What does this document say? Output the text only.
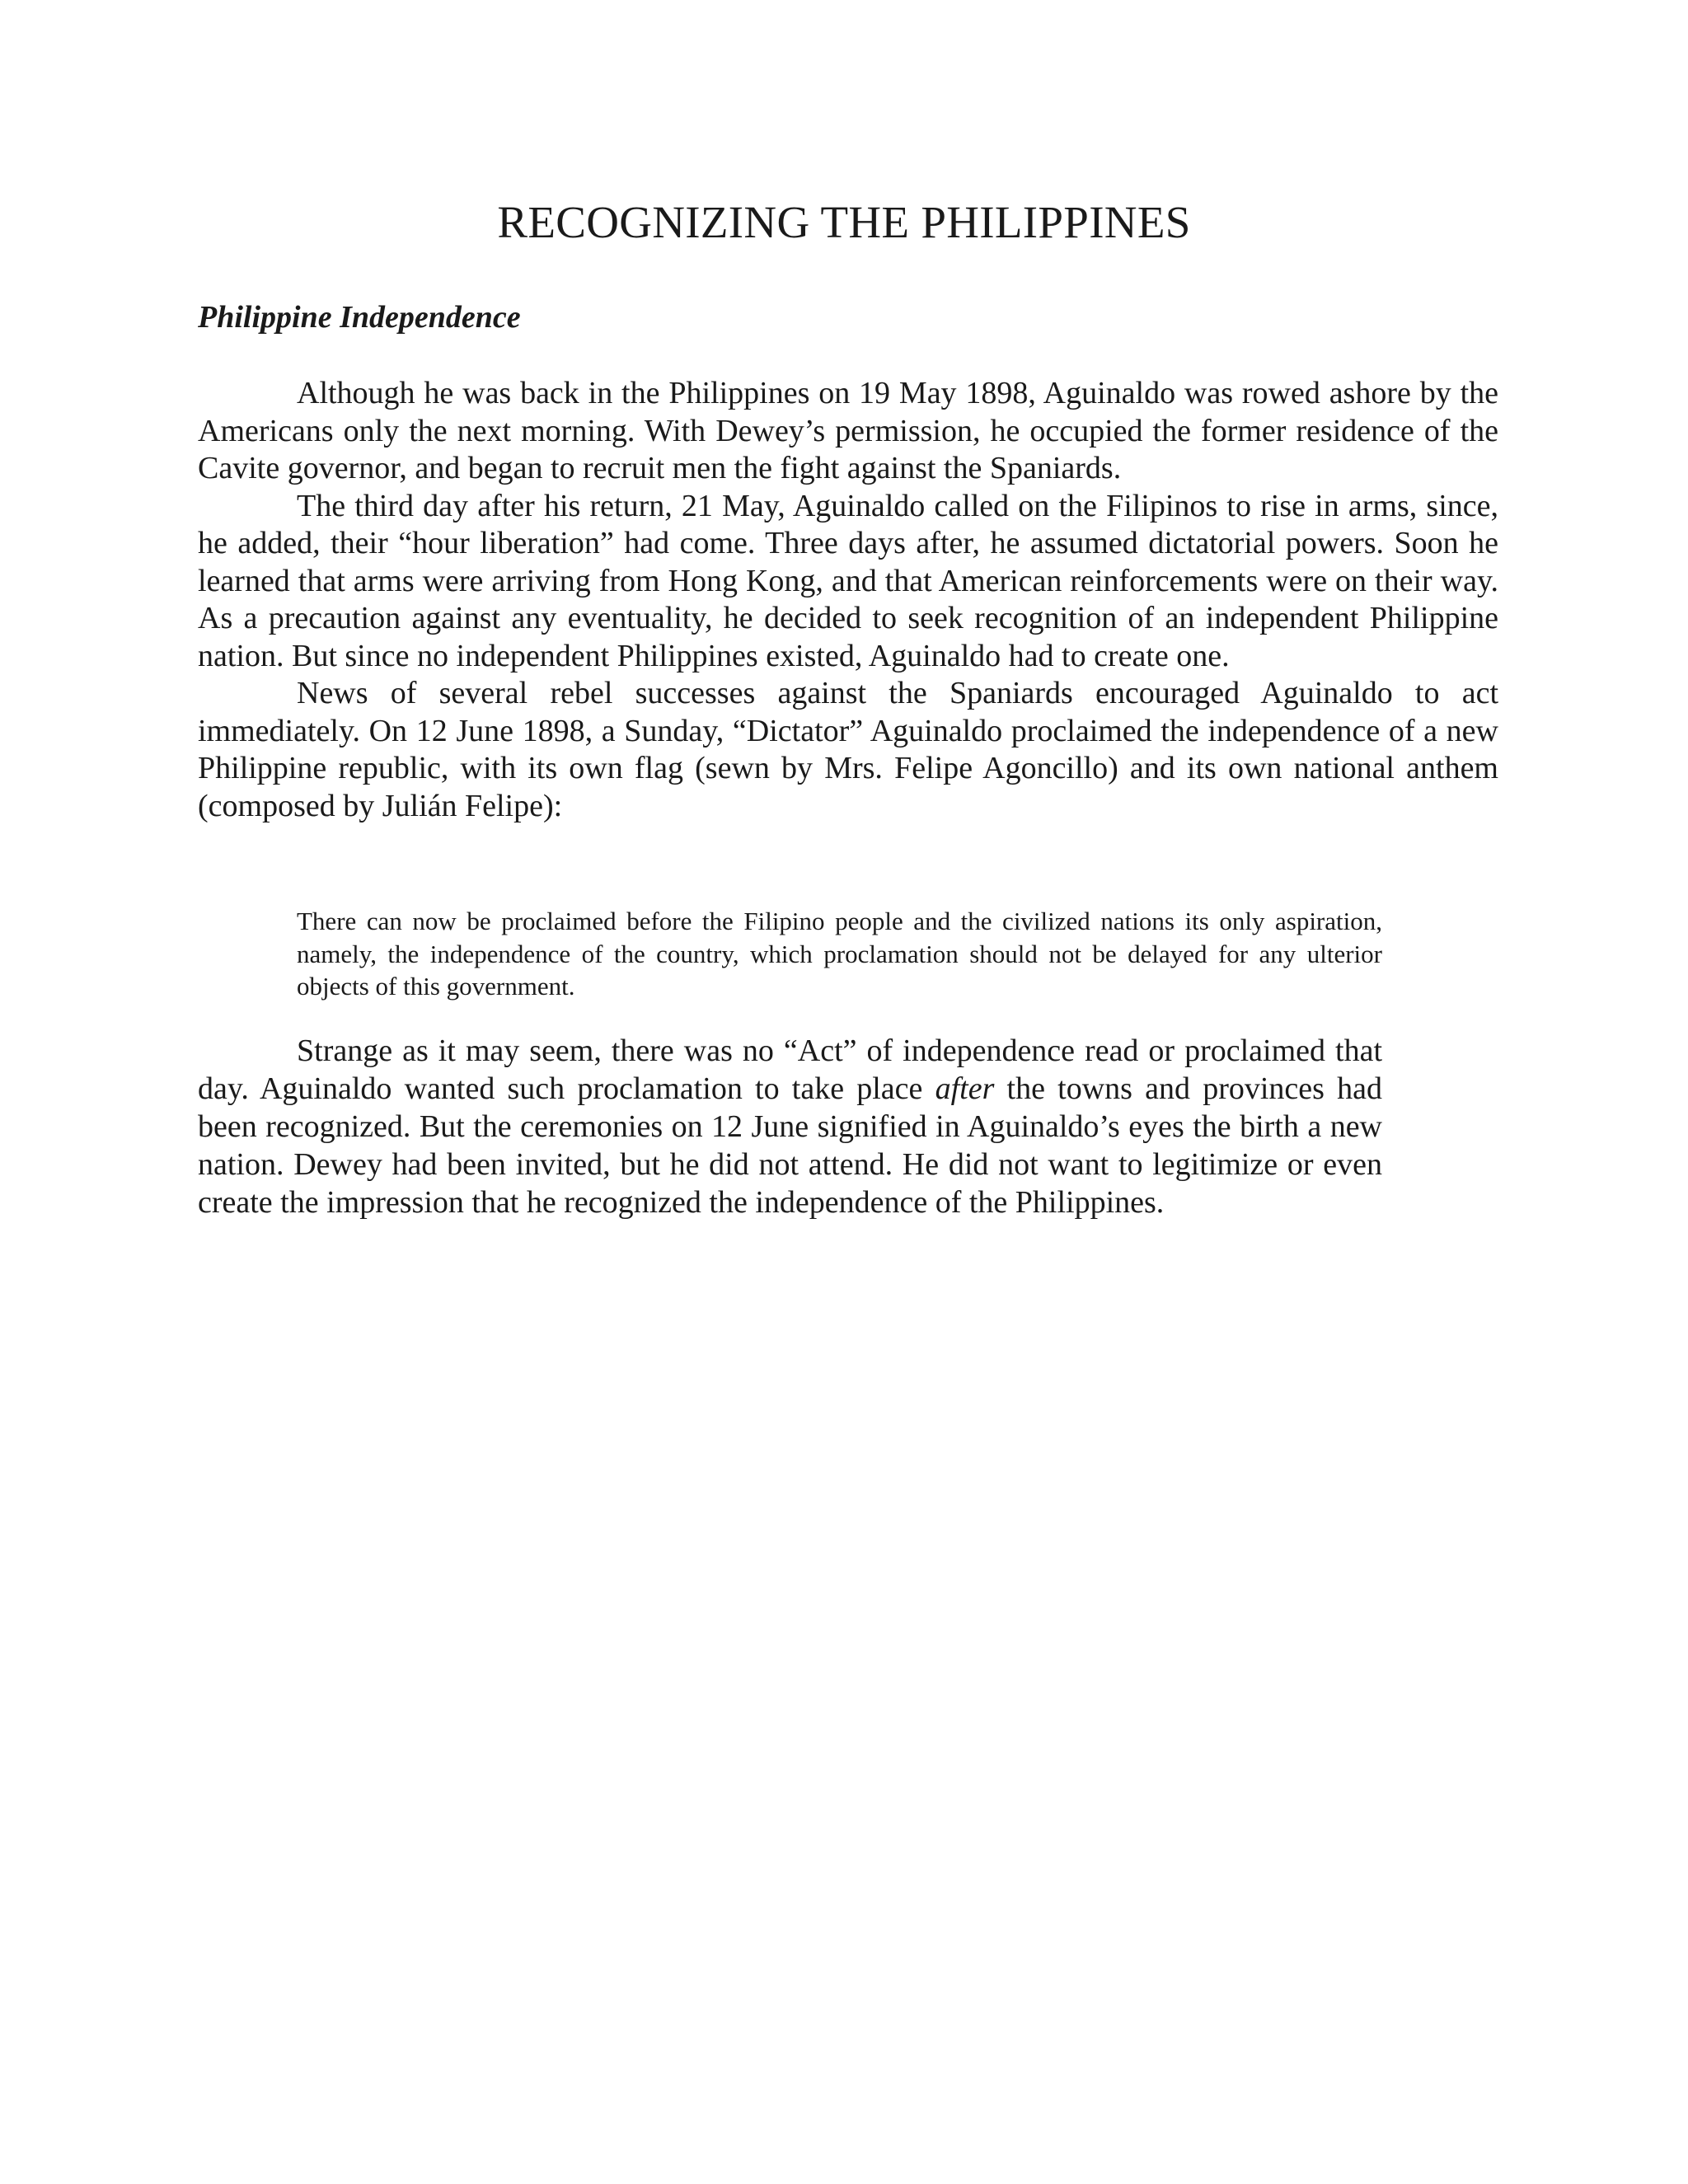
RECOGNIZING THE PHILIPPINES
Philippine Independence

Although he was back in the Philippines on 19 May 1898, Aguinaldo was rowed ashore by the Americans only the next morning. With Dewey’s permission, he occupied the former residence of the Cavite governor, and began to recruit men the fight against the Spaniards.

The third day after his return, 21 May, Aguinaldo called on the Filipinos to rise in arms, since, he added, their “hour liberation” had come. Three days after, he assumed dictatorial powers. Soon he learned that arms were arriving from Hong Kong, and that American reinforcements were on their way. As a precaution against any eventuality, he decided to seek recognition of an independent Philippine nation. But since no independent Philippines existed, Aguinaldo had to create one.

News of several rebel successes against the Spaniards encouraged Aguinaldo to act immediately. On 12 June 1898, a Sunday, “Dictator” Aguinaldo proclaimed the independence of a new Philippine republic, with its own flag (sewn by Mrs. Felipe Agoncillo) and its own national anthem (composed by Julián Felipe):

There can now be proclaimed before the Filipino people and the civilized nations its only aspiration, namely, the independence of the country, which proclamation should not be delayed for any ulterior objects of this government.

Strange as it may seem, there was no “Act” of independence read or proclaimed that day. Aguinaldo wanted such proclamation to take place after the towns and provinces had been recognized. But the ceremonies on 12 June signified in Aguinaldo’s eyes the birth a new nation. Dewey had been invited, but he did not attend. He did not want to legitimize or even create the impression that he recognized the independence of the Philippines.
